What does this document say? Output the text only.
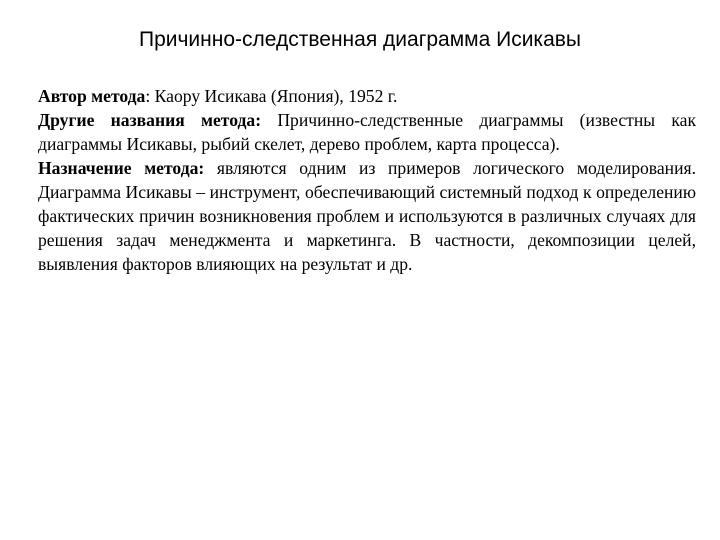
Причинно-следственная диаграмма Исикавы

Автор метода: Каору Исикава (Япония), 1952 г.

Другие названия метода: Причинно-следственные диаграммы (известны как диаграммы Исикавы, рыбий скелет, дерево проблем, карта процесса).

Назначение метода: являются одним из примеров логического моделирования. Диаграмма Исикавы – инструмент, обеспечивающий системный подход к определению фактических причин возникновения проблем и используются в различных случаях для решения задач менеджмента и маркетинга. В частности, декомпозиции целей, выявления факторов влияющих на результат и др.
